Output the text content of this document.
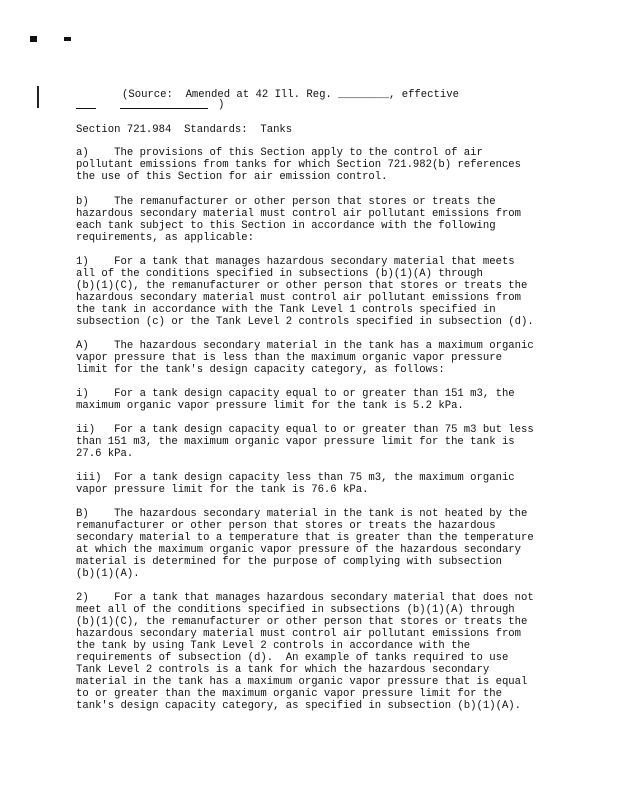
(Source:  Amended at 42 Ill. Reg. ________, effective
)
Section 721.984  Standards:  Tanks
a)    The provisions of this Section apply to the control of air
pollutant emissions from tanks for which Section 721.982(b) references
the use of this Section for air emission control.
b)    The remanufacturer or other person that stores or treats the
hazardous secondary material must control air pollutant emissions from
each tank subject to this Section in accordance with the following
requirements, as applicable:
1)    For a tank that manages hazardous secondary material that meets
all of the conditions specified in subsections (b)(1)(A) through
(b)(1)(C), the remanufacturer or other person that stores or treats the
hazardous secondary material must control air pollutant emissions from
the tank in accordance with the Tank Level 1 controls specified in
subsection (c) or the Tank Level 2 controls specified in subsection (d).
A)    The hazardous secondary material in the tank has a maximum organic
vapor pressure that is less than the maximum organic vapor pressure
limit for the tank's design capacity category, as follows:
i)    For a tank design capacity equal to or greater than 151 m3, the
maximum organic vapor pressure limit for the tank is 5.2 kPa.
ii)   For a tank design capacity equal to or greater than 75 m3 but less
than 151 m3, the maximum organic vapor pressure limit for the tank is
27.6 kPa.
iii)  For a tank design capacity less than 75 m3, the maximum organic
vapor pressure limit for the tank is 76.6 kPa.
B)    The hazardous secondary material in the tank is not heated by the
remanufacturer or other person that stores or treats the hazardous
secondary material to a temperature that is greater than the temperature
at which the maximum organic vapor pressure of the hazardous secondary
material is determined for the purpose of complying with subsection
(b)(1)(A).
2)    For a tank that manages hazardous secondary material that does not
meet all of the conditions specified in subsections (b)(1)(A) through
(b)(1)(C), the remanufacturer or other person that stores or treats the
hazardous secondary material must control air pollutant emissions from
the tank by using Tank Level 2 controls in accordance with the
requirements of subsection (d).  An example of tanks required to use
Tank Level 2 controls is a tank for which the hazardous secondary
material in the tank has a maximum organic vapor pressure that is equal
to or greater than the maximum organic vapor pressure limit for the
tank's design capacity category, as specified in subsection (b)(1)(A).
